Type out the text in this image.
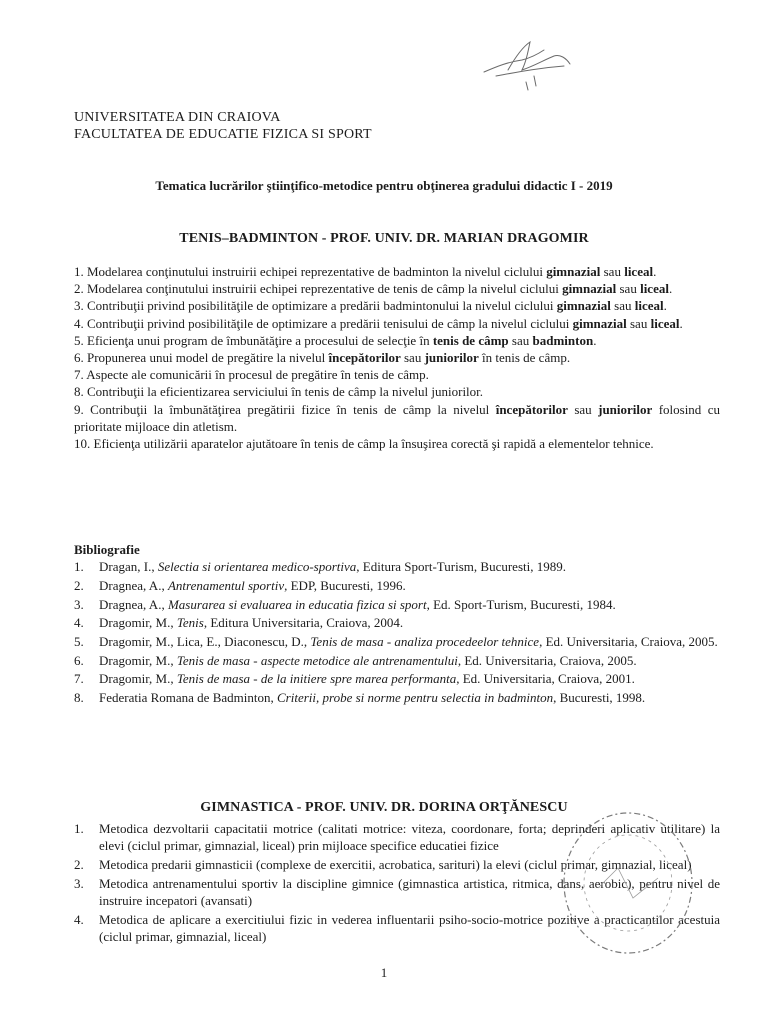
UNIVERSITATEA DIN CRAIOVA
FACULTATEA DE EDUCATIE FIZICA SI SPORT
Tematica lucrărilor ştiinţifico-metodice pentru obţinerea gradului didactic I - 2019
TENIS–BADMINTON - PROF. UNIV. DR. MARIAN DRAGOMIR

1. Modelarea conţinutului instruirii echipei reprezentative de badminton la nivelul ciclului gimnazial sau liceal.

2. Modelarea conţinutului instruirii echipei reprezentative de tenis de câmp la nivelul ciclului gimnazial sau liceal.

3. Contribuţii privind posibilităţile de optimizare a predării badmintonului la nivelul ciclului gimnazial sau liceal.

4. Contribuţii privind posibilităţile de optimizare a predării tenisului de câmp la nivelul ciclului gimnazial sau liceal.

5. Eficienţa unui program de îmbunătăţire a procesului de selecţie în tenis de câmp sau badminton.

6. Propunerea unui model de pregătire la nivelul începătorilor sau juniorilor în tenis de câmp.

7. Aspecte ale comunicării în procesul de pregătire în tenis de câmp.

8. Contribuţii la eficientizarea serviciului în tenis de câmp la nivelul juniorilor.

9. Contribuţii la îmbunătăţirea pregătirii fizice în tenis de câmp la nivelul începătorilor sau juniorilor folosind cu prioritate mijloace din atletism.

10. Eficienţa utilizării aparatelor ajutătoare în tenis de câmp la însuşirea corectă şi rapidă a elementelor tehnice.

Bibliografie
1. Dragan, I., Selectia si orientarea medico-sportiva, Editura Sport-Turism, Bucuresti, 1989.
2. Dragnea, A., Antrenamentul sportiv, EDP, Bucuresti, 1996.
3. Dragnea, A., Masurarea si evaluarea in educatia fizica si sport, Ed. Sport-Turism, Bucuresti, 1984.
4. Dragomir, M., Tenis, Editura Universitaria, Craiova, 2004.
5. Dragomir, M., Lica, E., Diaconescu, D., Tenis de masa - analiza procedeelor tehnice, Ed. Universitaria, Craiova, 2005.
6. Dragomir, M., Tenis de masa - aspecte metodice ale antrenamentului, Ed. Universitaria, Craiova, 2005.
7. Dragomir, M., Tenis de masa - de la initiere spre marea performanta, Ed. Universitaria, Craiova, 2001.
8. Federatia Romana de Badminton, Criterii, probe si norme pentru selectia in badminton, Bucuresti, 1998.
GIMNASTICA - PROF. UNIV. DR. DORINA ORŢĂNESCU
1. Metodica dezvoltarii capacitatii motrice (calitati motrice: viteza, coordonare, forta; deprinderi aplicativ utilitare) la elevi (ciclul primar, gimnazial, liceal) prin mijloace specifice educatiei fizice
2. Metodica predarii gimnasticii (complexe de exercitii, acrobatica, sarituri) la elevi (ciclul primar, gimnazial, liceal)
3. Metodica antrenamentului sportiv la discipline gimnice (gimnastica artistica, ritmica, dans, aerobic), pentru nivel de instruire incepatori (avansati)
4. Metodica de aplicare a exercitiului fizic in vederea influentarii psiho-socio-motrice pozitive a practicantilor acestuia (ciclul primar, gimnazial, liceal)
1
